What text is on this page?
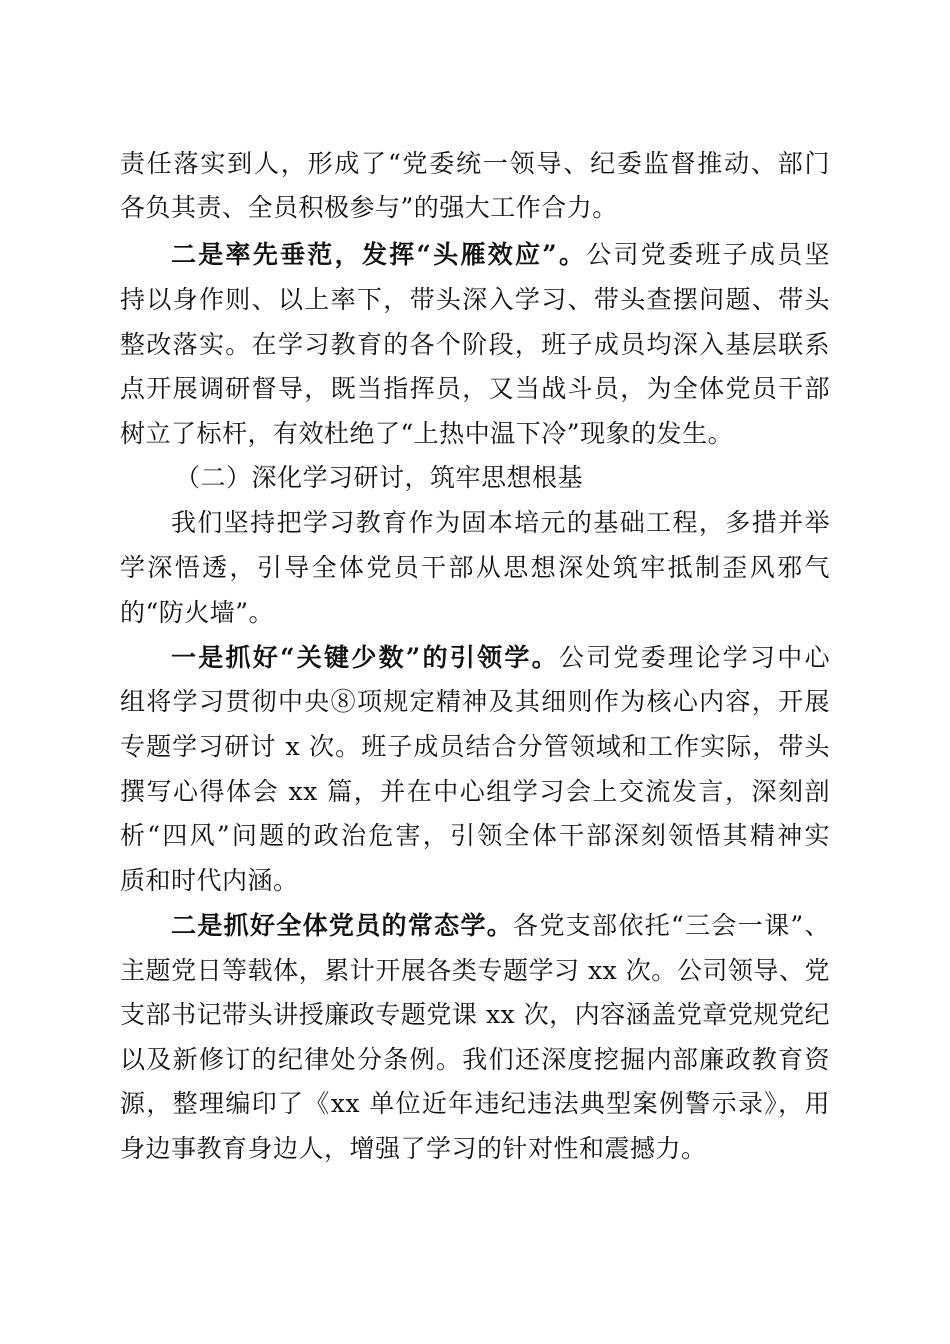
责任落实到人，形成了“党委统一领导、纪委监督推动、部门
各负其责、全员积极参与”的强大工作合力。
二是率先垂范，发挥“头雁效应”。公司党委班子成员坚
持以身作则、以上率下，带头深入学习、带头查摆问题、带头
整改落实。在学习教育的各个阶段，班子成员均深入基层联系
点开展调研督导，既当指挥员，又当战斗员，为全体党员干部
树立了标杆，有效杜绝了“上热中温下冷”现象的发生。
（二）深化学习研讨，筑牢思想根基
我们坚持把学习教育作为固本培元的基础工程，多措并举
学深悟透，引导全体党员干部从思想深处筑牢抵制歪风邪气
的“防火墙”。
一是抓好“关键少数”的引领学。公司党委理论学习中心
组将学习贯彻中央⑧项规定精神及其细则作为核心内容，开展
专题学习研讨 x 次。班子成员结合分管领域和工作实际，带头
撰写心得体会 xx 篇，并在中心组学习会上交流发言，深刻剖
析“四风”问题的政治危害，引领全体干部深刻领悟其精神实
质和时代内涵。
二是抓好全体党员的常态学。各党支部依托“三会一课”、
主题党日等载体，累计开展各类专题学习 xx 次。公司领导、党
支部书记带头讲授廉政专题党课 xx 次，内容涵盖党章党规党纪
以及新修订的纪律处分条例。我们还深度挖掘内部廉政教育资
源，整理编印了《xx 单位近年违纪违法典型案例警示录》，用
身边事教育身边人，增强了学习的针对性和震撼力。
